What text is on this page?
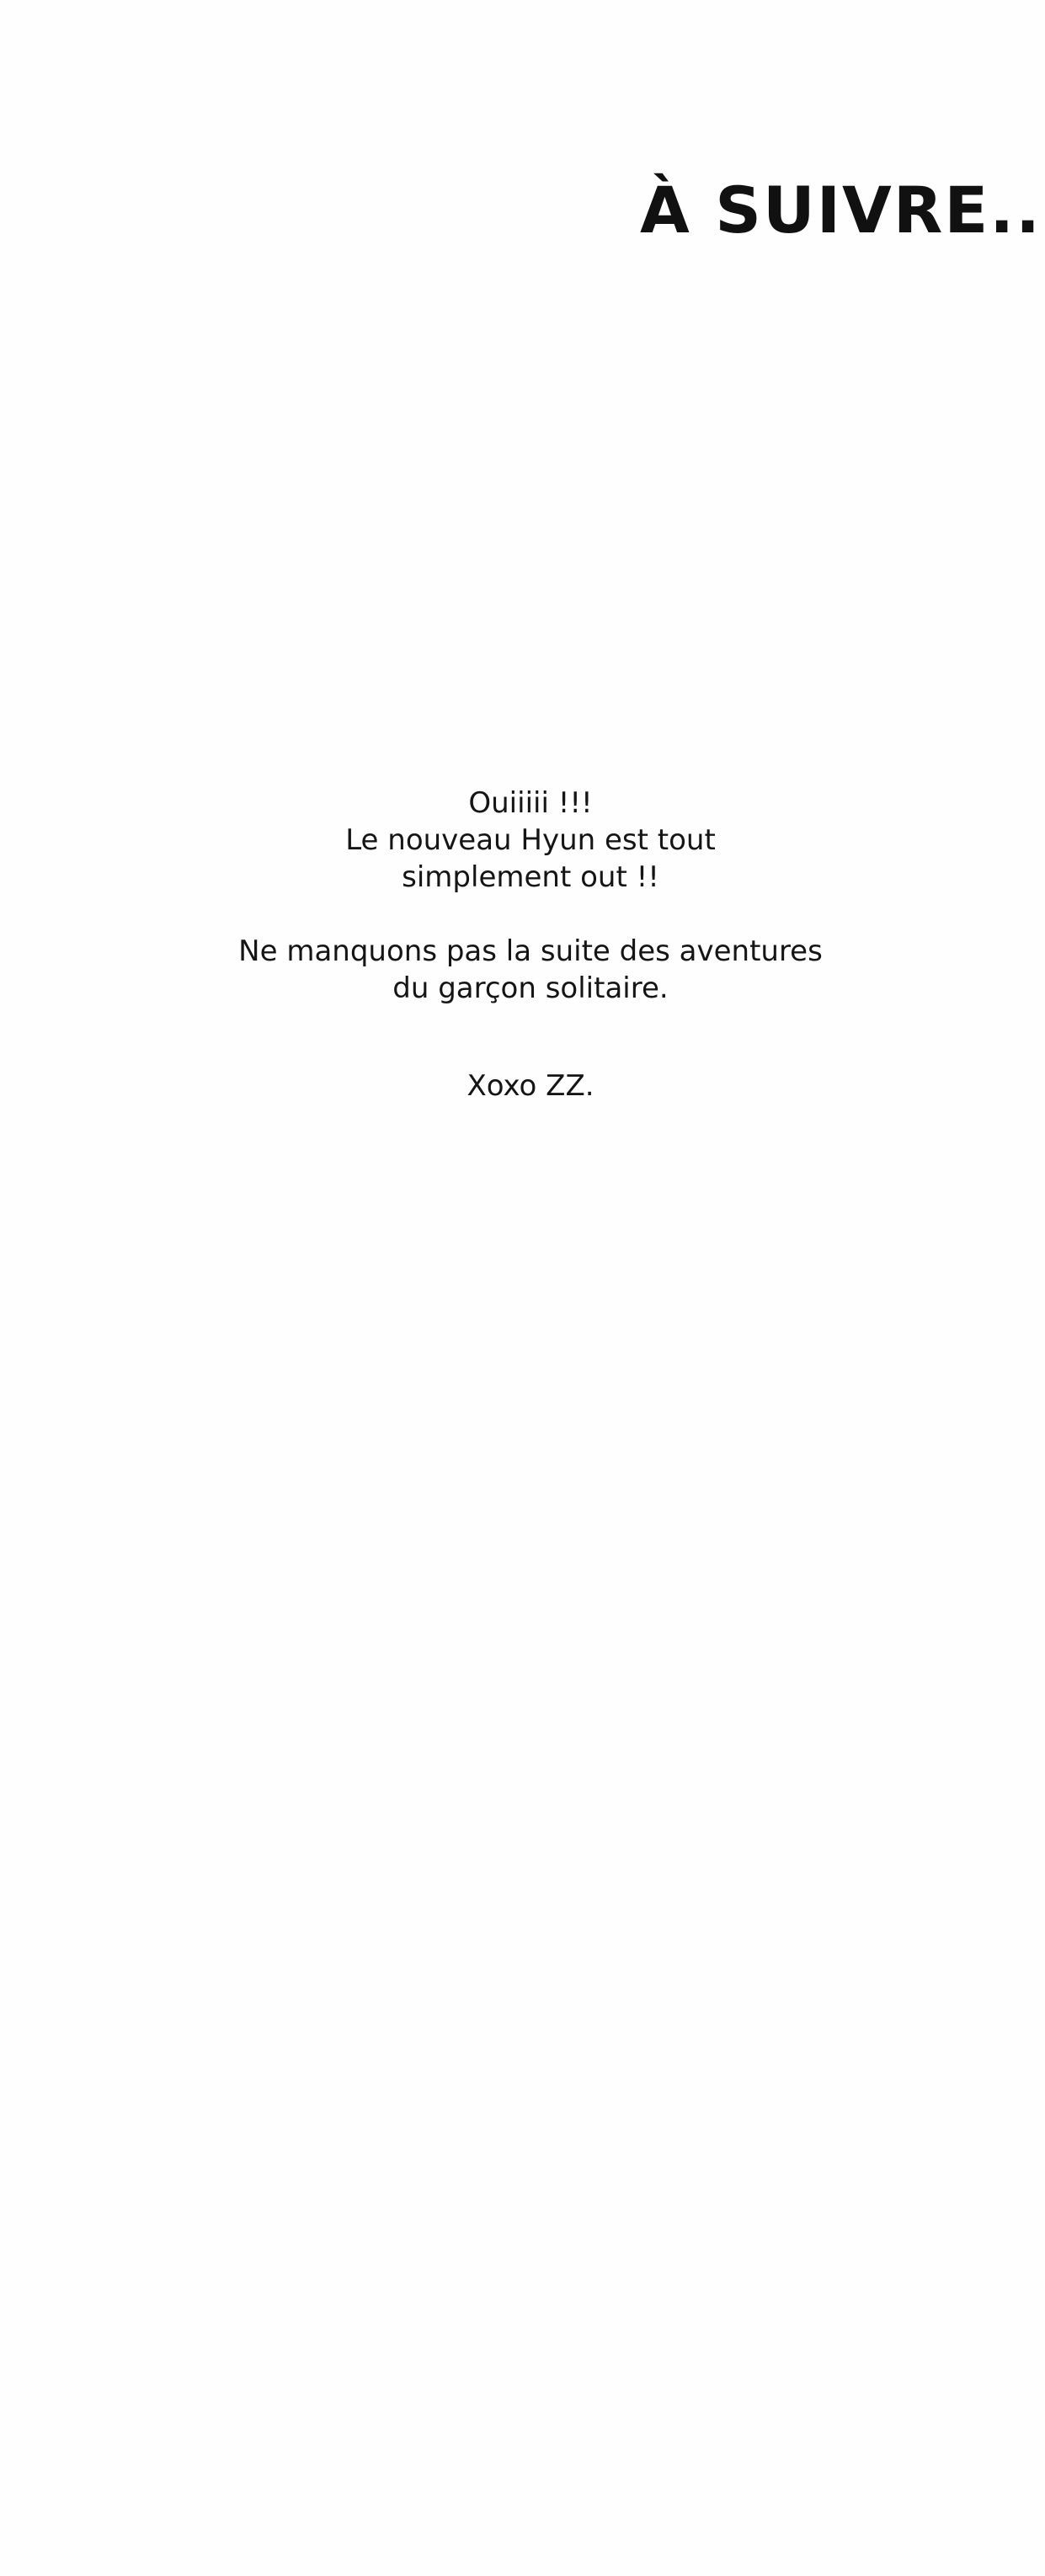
À SUIVRE..
Ouiiiii !!!
Le nouveau Hyun est tout
simplement out !!
Ne manquons pas la suite des aventures
du garçon solitaire.
Xoxo ZZ.
